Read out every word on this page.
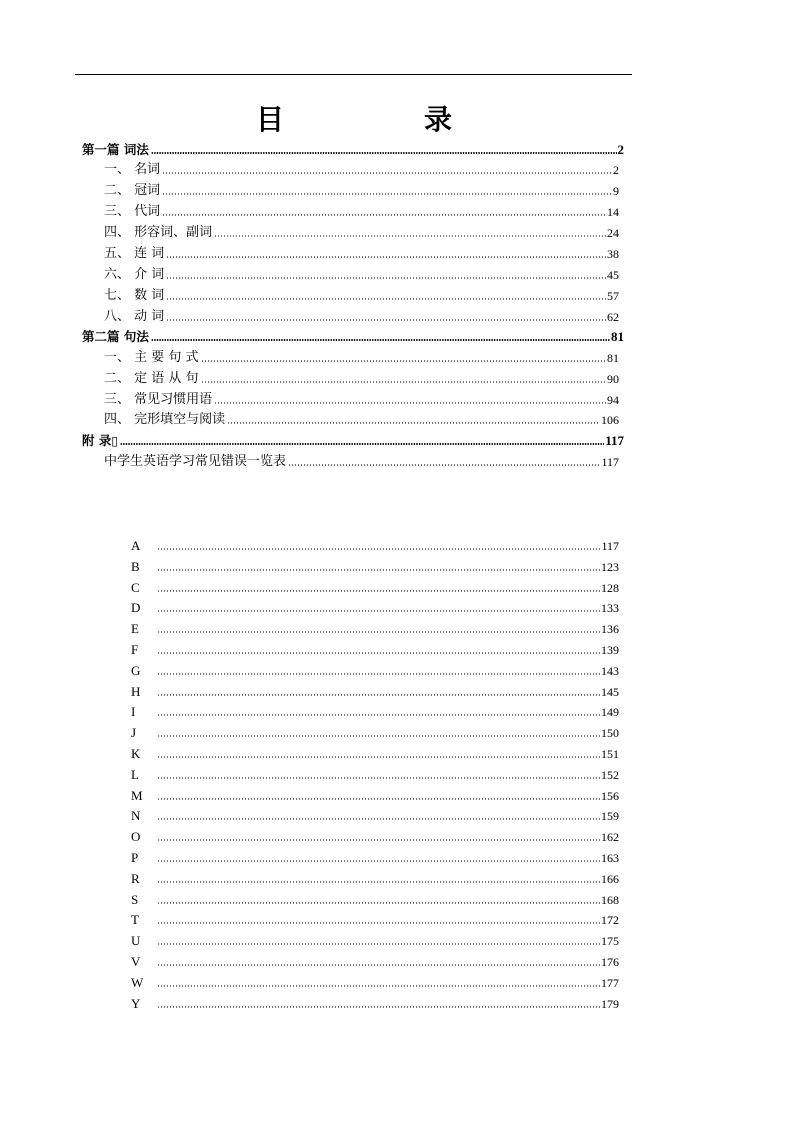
目　录
第一篇 词法	2
一、 名词	2
二、 冠词	9
三、 代词	14
四、 形容词、副词	24
五、 连 词	38
六、 介 词	45
七、 数 词	57
八、 动 词	62
第二篇 句法	81
一、 主 要 句 式	81
二、 定 语 从 句	90
三、 常见习惯用语	94
四、 完形填空与阅读	106
附 录▯	117
中学生英语学习常见错误一览表	117
A	117
B	123
C	128
D	133
E	136
F	139
G	143
H	145
I	149
J	150
K	151
L	152
M	156
N	159
O	162
P	163
R	166
S	168
T	172
U	175
V	176
W	177
Y	179
